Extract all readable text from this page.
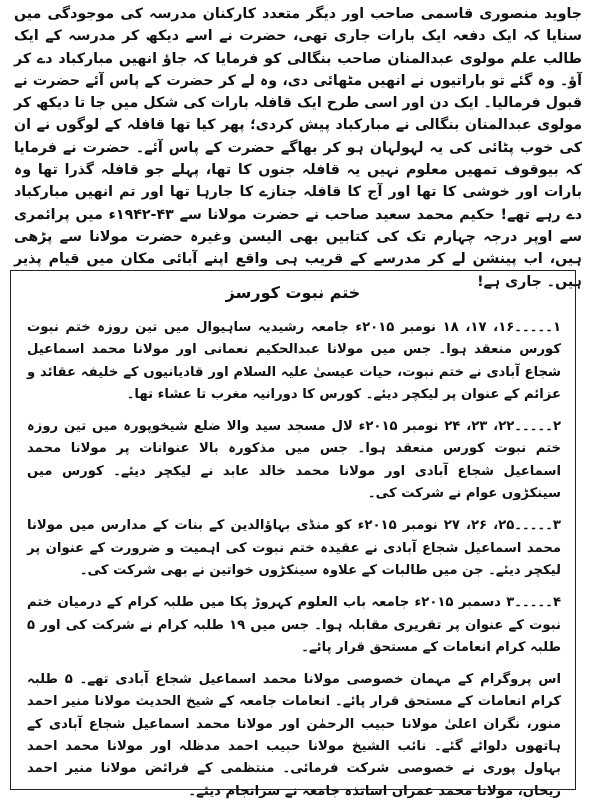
جاوید منصوری قاسمی صاحب اور دیگر متعدد کارکنان مدرسہ کی موجودگی میں سنایا کہ ایک دفعہ ایک بارات جاری تھی، حضرت نے اسے دیکھ کر مدرسہ کے ایک طالب علم مولوی عبدالمنان صاحب بنگالی کو فرمایا کہ جاؤ انھیں مبارکباد دے کر آؤ۔ وہ گئے تو باراتیوں نے انھیں مٹھائی دی، وہ لے کر حضرت کے پاس آئے حضرت نے قبول فرمالیا۔ ایک دن اور اسی طرح ایک قافلہ بارات کی شکل میں جا تا دیکھ کر مولوی عبدالمنان بنگالی نے مبارکباد پیش کردی؛ پھر کیا تھا قافلہ کے لوگوں نے ان کی خوب پٹائی کی یہ لہولہان ہو کر بھاگے حضرت کے پاس آئے۔ حضرت نے فرمایا کہ بیوقوف تمھیں معلوم نہیں یہ قافلہ جنوں کا تھا، پہلے جو قافلہ گذرا تھا وہ بارات اور خوشی کا تھا اور آج کا قافلہ جنازے کا جارہا تھا اور تم انھیں مبارکباد دے رہے تھے! حکیم محمد سعید صاحب نے حضرت مولانا سے ۴۳-۱۹۴۲ء میں پرائمری سے اوپر درجہ چہارم تک کی کتابیں بھی الیسن وغیرہ حضرت مولانا سے پڑھی ہیں، اب پینشن لے کر مدرسے کے قریب ہی واقع اپنے آبائی مکان میں قیام پذیر ہیں۔ جاری ہے!

ختم نبوت کورسز

۱۔۔۔۔۔۱۶، ۱۷، ۱۸ نومبر ۲۰۱۵ء جامعہ رشیدیہ ساہیوال میں تین روزہ ختم نبوت کورس منعقد ہوا۔ جس میں مولانا عبدالحکیم نعمانی اور مولانا محمد اسماعیل شجاع آبادی نے ختم نبوت، حیات عیسیٰ علیہ السلام اور قادیانیوں کے خلیفہ عقائد و عزائم کے عنوان پر لیکچر دیئے۔ کورس کا دورانیہ مغرب تا عشاء تھا۔

۲۔۔۔۔۔۲۲، ۲۳، ۲۴ نومبر ۲۰۱۵ء لال مسجد سید والا ضلع شیخوپورہ میں تین روزہ ختم نبوت کورس منعقد ہوا۔ جس میں مذکورہ بالا عنوانات پر مولانا محمد اسماعیل شجاع آبادی اور مولانا محمد خالد عابد نے لیکچر دیئے۔ کورس میں سینکڑوں عوام نے شرکت کی۔

۳۔۔۔۔۔۲۵، ۲۶، ۲۷ نومبر ۲۰۱۵ء کو منڈی بہاؤالدین کے بنات کے مدارس میں مولانا محمد اسماعیل شجاع آبادی نے عقیدہ ختم نبوت کی اہمیت و ضرورت کے عنوان پر لیکچر دیئے۔ جن میں طالبات کے علاوہ سینکڑوں خواتین نے بھی شرکت کی۔

۴۔۔۔۔۔۳ دسمبر ۲۰۱۵ء جامعہ باب العلوم کہروڑ پکا میں طلبہ کرام کے درمیان ختم نبوت کے عنوان پر تقریری مقابلہ ہوا۔ جس میں ۱۹ طلبہ کرام نے شرکت کی اور ۵ طلبہ کرام انعامات کے مستحق قرار پائے۔

اس پروگرام کے مہمان خصوصی مولانا محمد اسماعیل شجاع آبادی تھے۔ ۵ طلبہ کرام انعامات کے مستحق قرار پائے۔ انعامات جامعہ کے شیخ الحدیث مولانا منیر احمد منور، نگران اعلیٰ مولانا حبیب الرحمٰن اور مولانا محمد اسماعیل شجاع آبادی کے ہاتھوں دلوائے گئے۔ نائب الشیخ مولانا حبیب احمد مدظلہ اور مولانا محمد احمد بہاول پوری نے خصوصی شرکت فرمائی۔ منتظمی کے فرائض مولانا منیر احمد ریحان، مولانا محمد عمران اساتذہ جامعہ نے سرانجام دیئے۔
